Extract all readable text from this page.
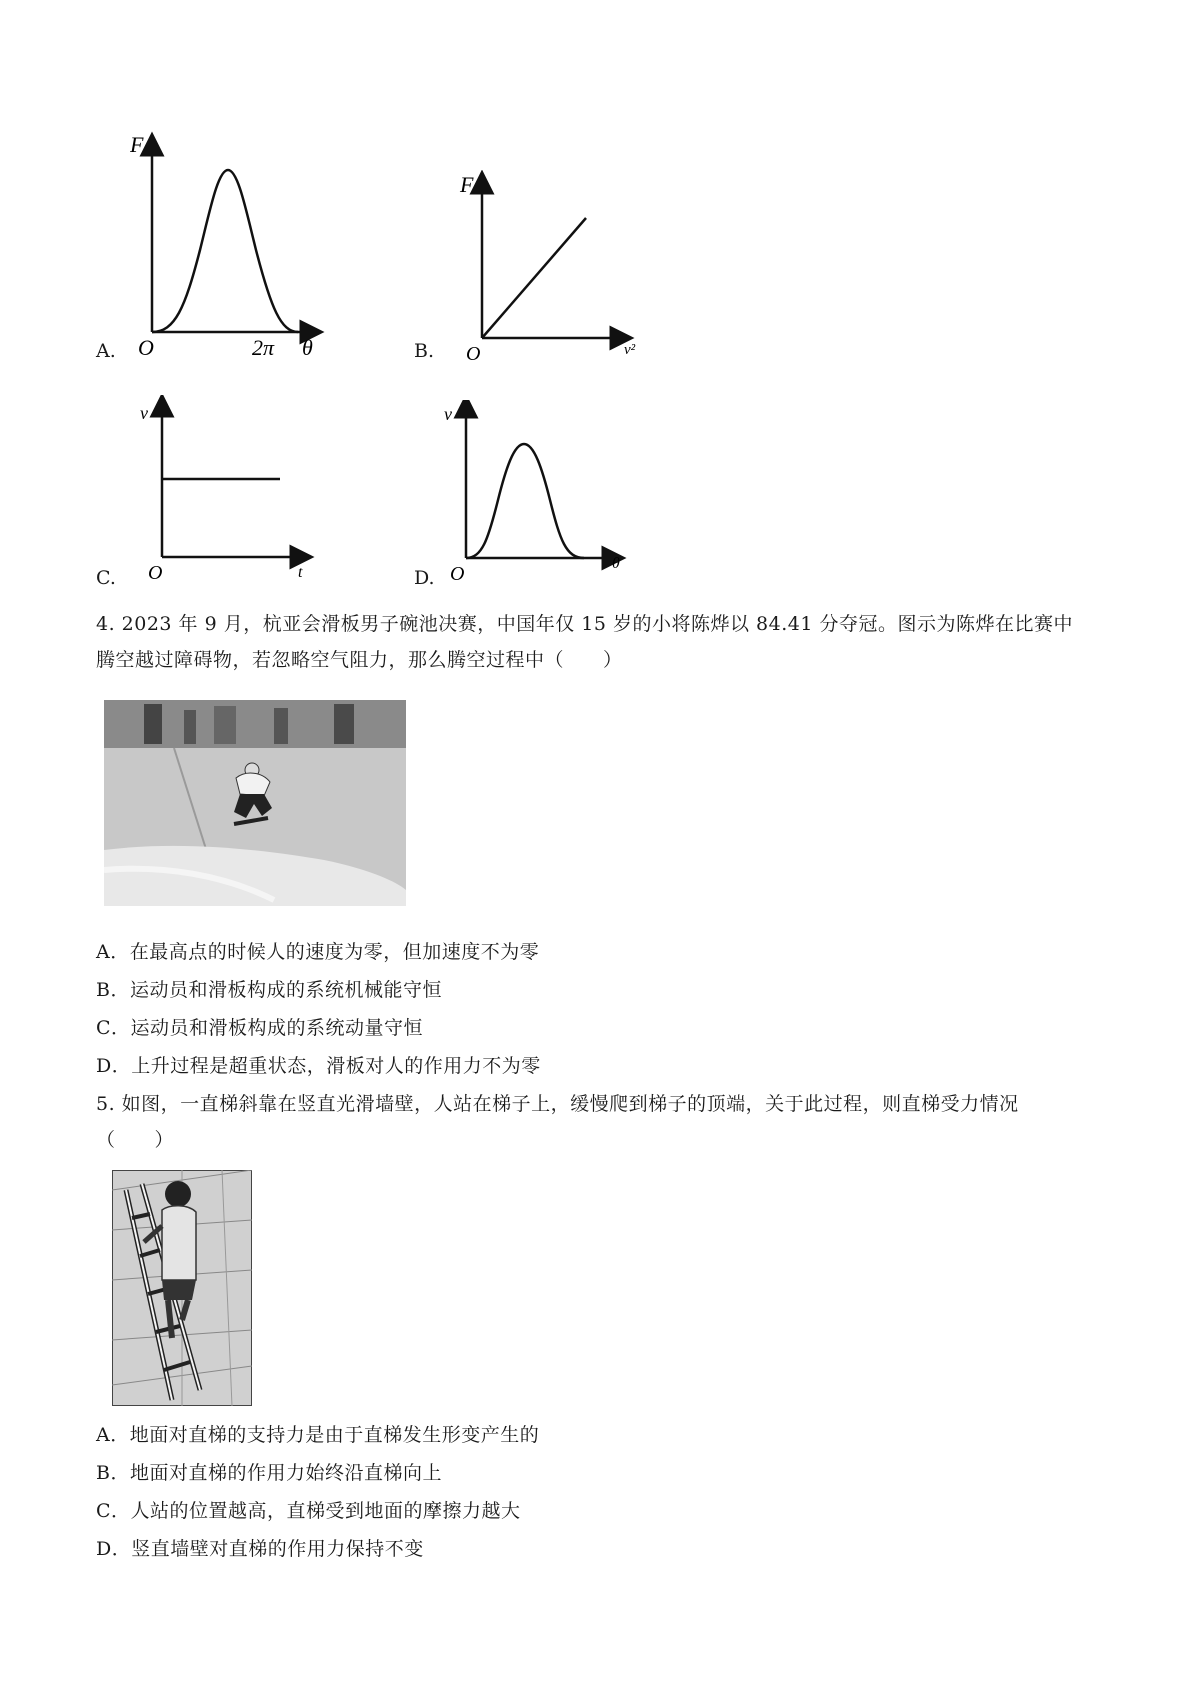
A.
F
O	2π θ	B.
F
O	v²
C.
v
O	t	D.
v
O	θ
4. 2023 年 9 月，杭亚会滑板男子碗池决赛，中国年仅 15 岁的小将陈烨以 84.41 分夺冠。图示为陈烨在比赛中
腾空越过障碍物，若忽略空气阻力，那么腾空过程中（　　）
A．在最高点的时候人的速度为零，但加速度不为零
B．运动员和滑板构成的系统机械能守恒
C．运动员和滑板构成的系统动量守恒
D．上升过程是超重状态，滑板对人的作用力不为零
5. 如图，一直梯斜靠在竖直光滑墙壁，人站在梯子上，缓慢爬到梯子的顶端，关于此过程，则直梯受力情况
（　　）
A．地面对直梯的支持力是由于直梯发生形变产生的
B．地面对直梯的作用力始终沿直梯向上
C．人站的位置越高，直梯受到地面的摩擦力越大
D．竖直墙壁对直梯的作用力保持不变
